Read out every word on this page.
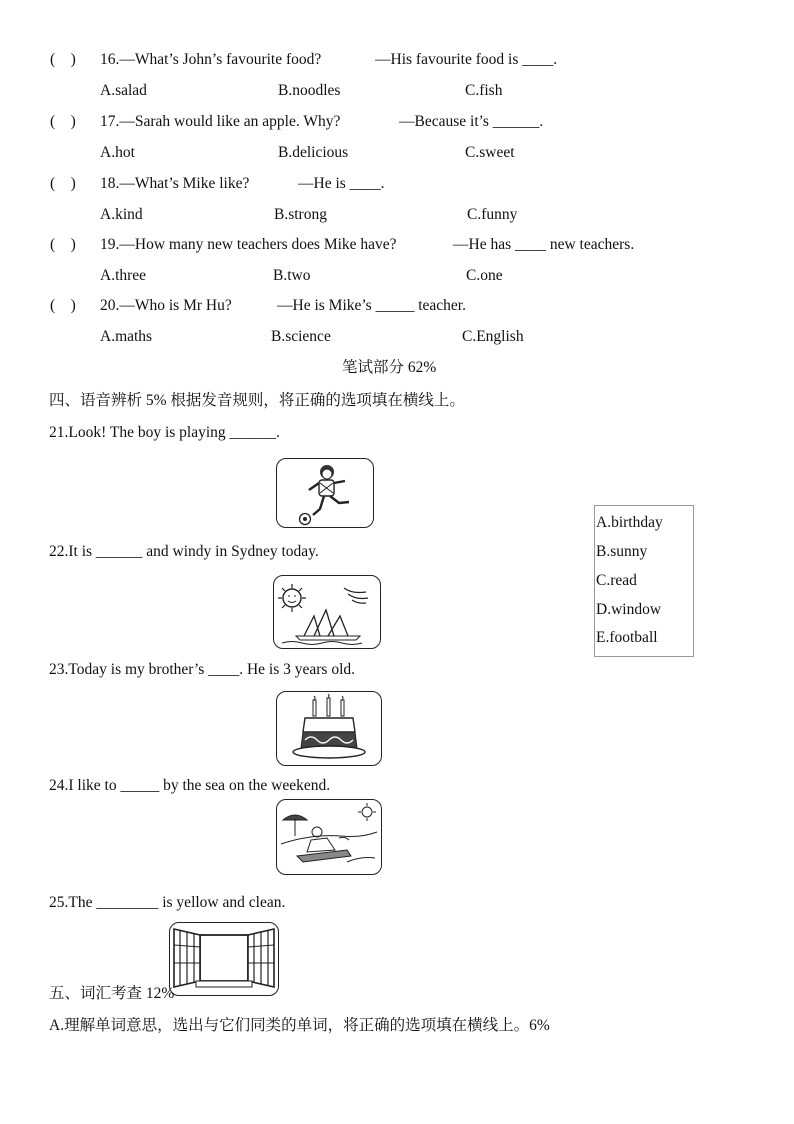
(　) 16.—What’s John’s favourite food?	—His favourite food is ____.
A.salad	B.noodles	C.fish
(　) 17.—Sarah would like an apple. Why?	—Because it’s ______.
A.hot	B.delicious	C.sweet
(　) 18.—What’s Mike like?	—He is ____.
A.kind	B.strong	C.funny
(　) 19.—How many new teachers does Mike have?	—He has ____ new teachers.
A.three	B.two	C.one
(　) 20.—Who is Mr Hu?	—He is Mike’s _____ teacher.
A.maths	B.science	C.English
笔试部分 62%
四、语音辨析 5% 根据发音规则，将正确的选项填在横线上。
21.Look! The boy is playing ______.
22.It is ______ and windy in Sydney today.
23.Today is my brother’s ____. He is 3 years old.
24.I like to _____ by the sea on the weekend.
25.The ________ is yellow and clean.
A.birthday
B.sunny
C.read
D.window
E.football
五、词汇考查 12%
A.理解单词意思，选出与它们同类的单词，将正确的选项填在横线上。6%
